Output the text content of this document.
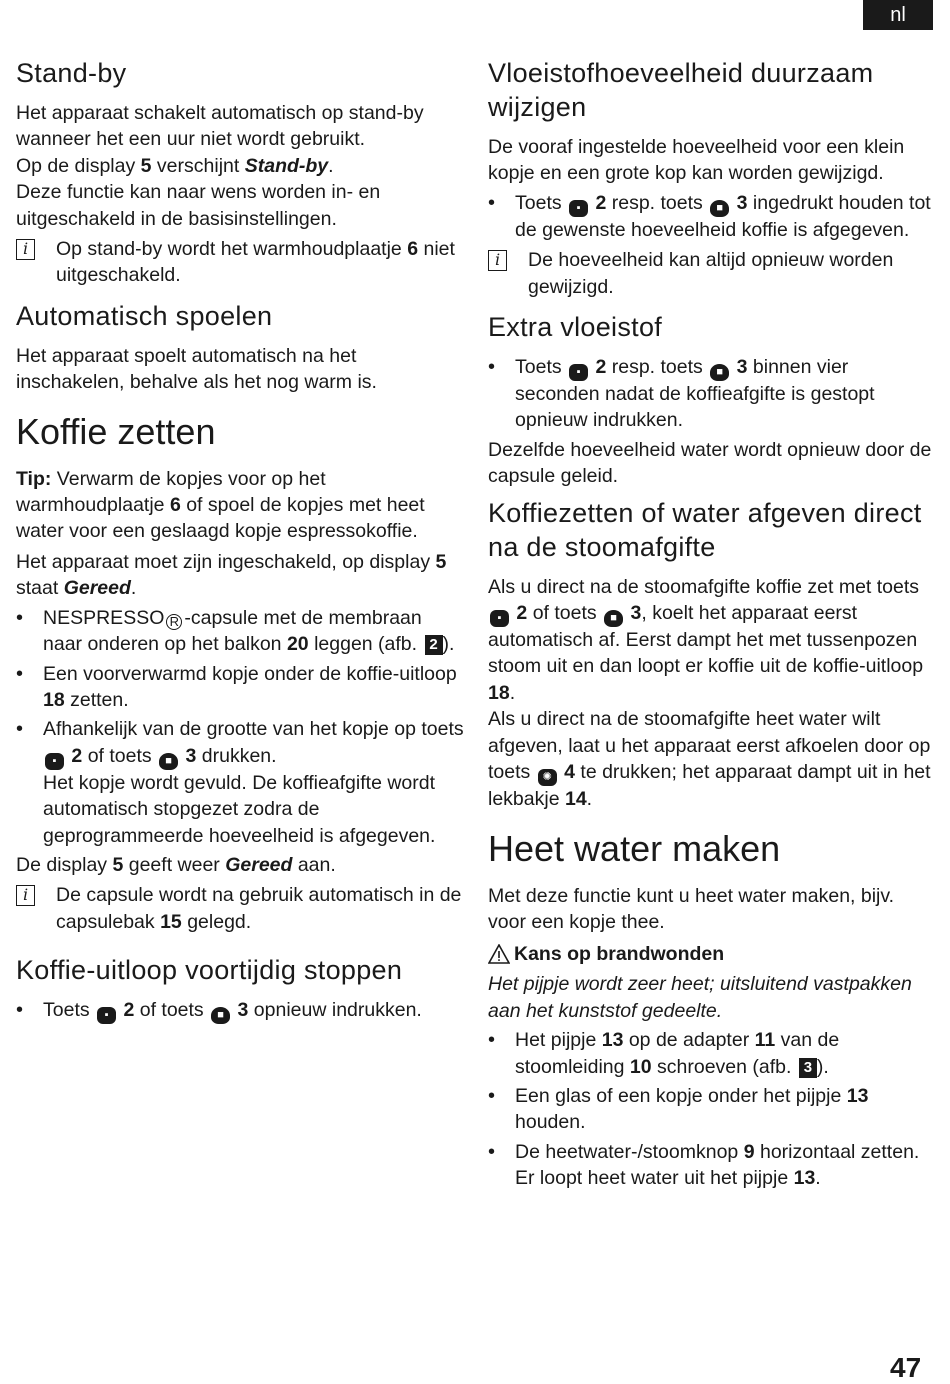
nl
Stand-by

Het apparaat schakelt automatisch op stand-by wanneer het een uur niet wordt gebruikt.

Op de display 5 verschijnt Stand-by.

Deze functie kan naar wens worden in- en uitgeschakeld in de basisinstellingen.

i	Op stand-by wordt het warmhoudplaatje 6 niet uitgeschakeld.
Automatisch spoelen

Het apparaat spoelt automatisch na het inschakelen, behalve als het nog warm is.

Koffie zetten

Tip: Verwarm de kopjes voor op het warmhoudplaatje 6 of spoel de kopjes met heet water voor een geslaagd kopje espressokoffie.

Het apparaat moet zijn ingeschakeld, op display 5 staat Gereed.

•	NESPRESSO R -capsule met de membraan naar onderen op het balkon 20 leggen (afb. 2 ).
•	Een voorverwarmd kopje onder de koffie-uitloop 18 zetten.
•	Afhankelijk van de grootte van het kopje op toets ▪ 2 of toets ■ 3 drukken.
Het kopje wordt gevuld. De koffieafgifte wordt automatisch stopgezet zodra de geprogrammeerde hoeveelheid is afgegeven.

De display 5 geeft weer Gereed aan.

i	De capsule wordt na gebruik automatisch in de capsulebak 15 gelegd.
Koffie-uitloop voortijdig stoppen
•	Toets ▪ 2 of toets ■ 3 opnieuw indrukken.
Vloeistofhoeveelheid duurzaam wijzigen

De vooraf ingestelde hoeveelheid voor een klein kopje en een grote kop kan worden gewijzigd.

•	Toets ▪ 2 resp. toets ■ 3 ingedrukt houden tot de gewenste hoeveelheid koffie is afgegeven.
i	De hoeveelheid kan altijd opnieuw worden gewijzigd.
Extra vloeistof
•	Toets ▪ 2 resp. toets ■ 3 binnen vier seconden nadat de koffieafgifte is gestopt opnieuw indrukken.

Dezelfde hoeveelheid water wordt opnieuw door de capsule geleid.

Koffiezetten of water afgeven direct na de stoomafgifte

Als u direct na de stoomafgifte koffie zet met toets ▪ 2 of toets ■ 3, koelt het apparaat eerst automatisch af. Eerst dampt het met tussenpozen stoom uit en dan loopt er koffie uit de koffie-uitloop 18.

Als u direct na de stoomafgifte heet water wilt afgeven, laat u het apparaat eerst afkoelen door op toets ✺ 4 te drukken; het apparaat dampt uit in het lekbakje 14.

Heet water maken

Met deze functie kunt u heet water maken, bijv. voor een kopje thee.

Kans op brandwonden

Het pijpje wordt zeer heet; uitsluitend vastpakken aan het kunststof gedeelte.

•	Het pijpje 13 op de adapter 11 van de stoomleiding 10 schroeven (afb. 3 ).
•	Een glas of een kopje onder het pijpje 13 houden.
•	De heetwater-/stoomknop 9 horizontaal zetten.
Er loopt heet water uit het pijpje 13.
47
